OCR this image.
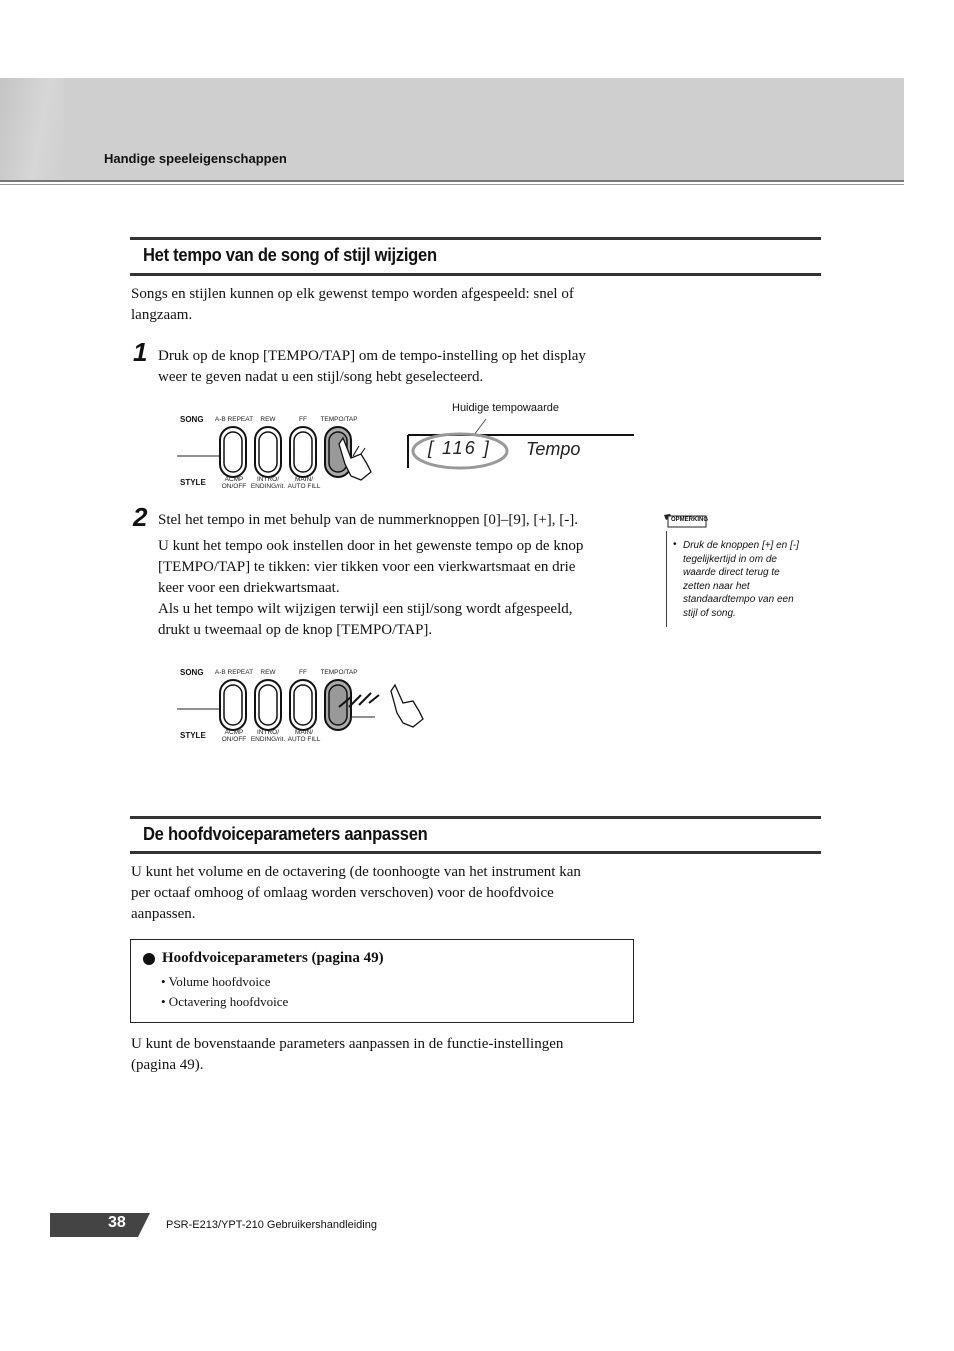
Handige speeleigenschappen
Het tempo van de song of stijl wijzigen
Songs en stijlen kunnen op elk gewenst tempo worden afgespeeld: snel of
langzaam.
1 Druk op de knop [TEMPO/TAP] om de tempo-instelling op het display
weer te geven nadat u een stijl/song hebt geselecteerd.
SONG
STYLE
A-B REPEAT	REW	FF	TEMPO/TAP
ACMP
ON/OFF
INTRO/
ENDING/rit.
MAIN/
AUTO FILL
Huidige tempowaarde
[ 116 ] Tempo
2 Stel het tempo in met behulp van de nummerknoppen [0]–[9], [+], [-].
U kunt het tempo ook instellen door in het gewenste tempo op de knop
[TEMPO/TAP] te tikken: vier tikken voor een vierkwartsmaat en drie
keer voor een driekwartsmaat.
Als u het tempo wilt wijzigen terwijl een stijl/song wordt afgespeeld,
drukt u tweemaal op de knop [TEMPO/TAP].
OPMERKING
• Druk de knoppen [+] en [-]
tegelijkertijd in om de
waarde direct terug te
zetten naar het
standaardtempo van een
stijl of song.
SONG
STYLE
A-B REPEAT	REW	FF	TEMPO/TAP
ACMP
ON/OFF
INTRO/
ENDING/rit.
MAIN/
AUTO FILL
De hoofdvoiceparameters aanpassen
U kunt het volume en de octavering (de toonhoogte van het instrument kan
per octaaf omhoog of omlaag worden verschoven) voor de hoofdvoice
aanpassen.
Hoofdvoiceparameters (pagina 49)
• Volume hoofdvoice
• Octavering hoofdvoice
U kunt de bovenstaande parameters aanpassen in de functie-instellingen
(pagina 49).
38	PSR-E213/YPT-210 Gebruikershandleiding
